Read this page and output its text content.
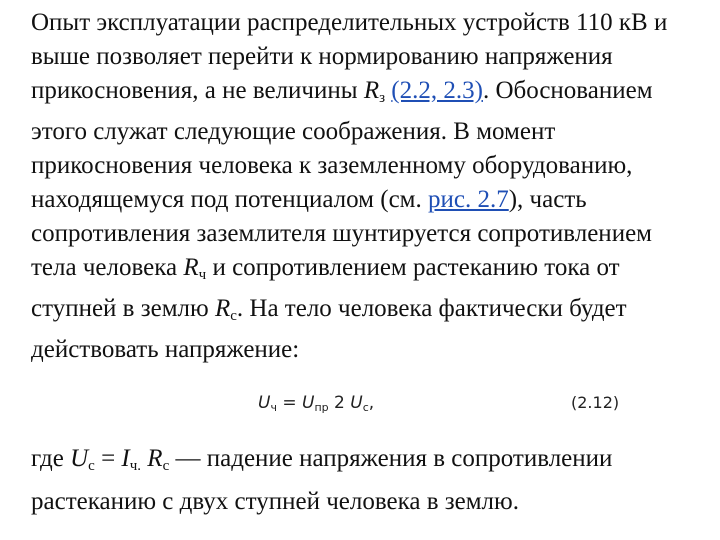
Опыт эксплуатации распределительных устройств 110 кВ и выше позволяет перейти к нормированию напряжения прикосновения, а не величины $R_з$ (2.2, 2.3). Обоснованием этого служат следующие соображения. В момент прикосновения человека к заземленному оборудованию, находящемуся под потенциалом (см. рис. 2.7), часть сопротивления заземлителя шунтируется сопротивлением тела человека $R_ч$ и сопротивлением растеканию тока от ступней в землю $R_с$. На тело человека фактически будет действовать напряжение:

$U_ч = U_{пр}$ 2 $U_с$,	(2.12)

где $U_с = I_{ч.}$ $R_с$ — падение напряжения в сопротивлении растеканию с двух ступней человека в землю.
